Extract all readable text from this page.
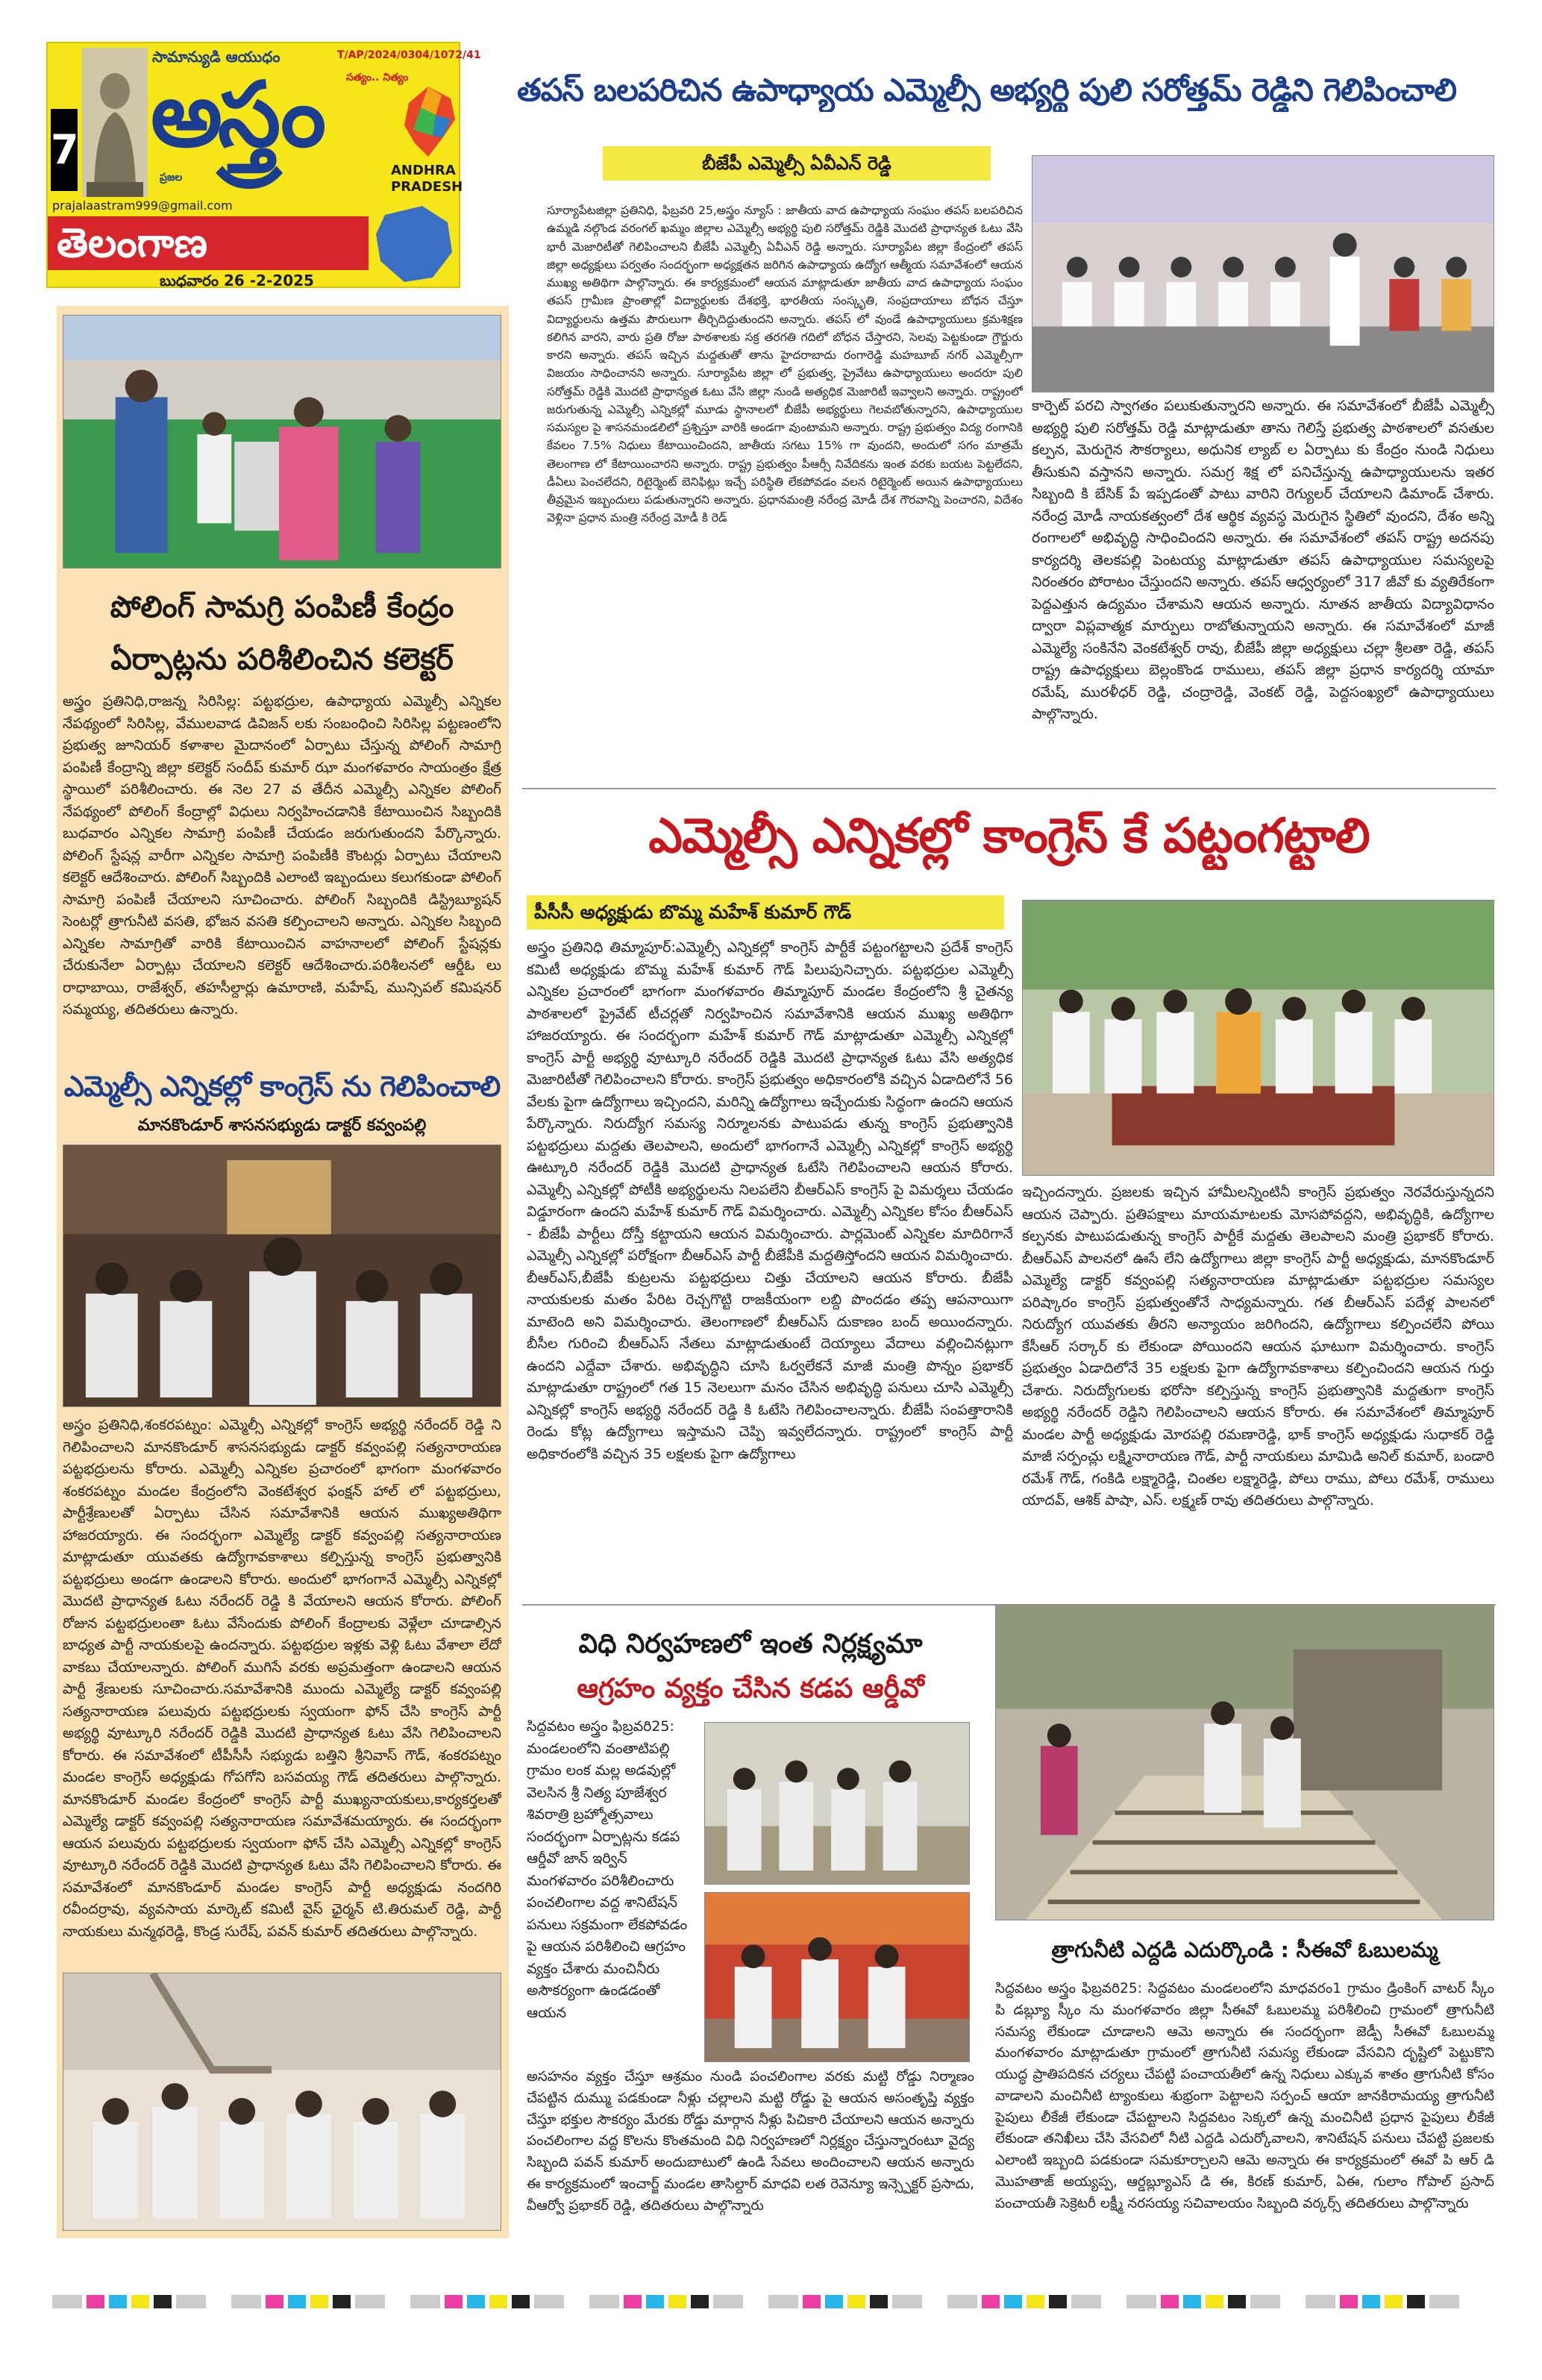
7
సామాన్యుడి ఆయుధం	T/AP/2024/0304/1072/41
అస్త్రం
ప్రజల
సత్యం.. నిత్యం
ANDHRA
PRADESH
prajalaastram999@gmail.com
తెలంగాణ
బుధవారం 26 -2-2025
తపస్ బలపరిచిన ఉపాధ్యాయ ఎమ్మెల్సీ అభ్యర్థి పులి సరోత్తమ్ రెడ్డిని గెలిపించాలి
బీజేపీ ఎమ్మెల్సీ ఏవీఎన్ రెడ్డి
సూర్యాపేటజిల్లా ప్రతినిధి, ఫిబ్రవరి 25,అస్త్రం న్యూస్ : జాతీయ వాద ఉపాధ్యాయ సంఘం తపస్ బలపరిచిన ఉమ్మడి నల్గొండ వరంగల్ ఖమ్మం జిల్లాల ఎమ్మెల్సీ అభ్యర్థి పులి సరోత్తమ్ రెడ్డికి మొదటి ప్రాధాన్యత ఓటు వేసి భారీ మెజారిటీతో గెలిపించాలని బీజేపీ ఎమ్మెల్సీ ఏవీఎన్ రెడ్డి అన్నారు. సూర్యాపేట జిల్లా కేంద్రంలో తపస్ జిల్లా అధ్యక్షులు పర్వతం సందర్భంగా అధ్యక్షతన జరిగిన ఉపాధ్యాయ ఉద్యోగ ఆత్మీయ సమావేశంలో ఆయన ముఖ్య అతిథిగా పాల్గొన్నారు. ఈ కార్యక్రమంలో ఆయన మాట్లాడుతూ జాతీయ వాద ఉపాధ్యాయ సంఘం తపస్ గ్రామీణ ప్రాంతాల్లో విద్యార్థులకు దేశభక్తి, భారతీయ సంస్కృతి, సంప్రదాయాలు బోధన చేస్తూ విద్యార్థులను ఉత్తమ పౌరులుగా తీర్చిదిద్దుతుందని అన్నారు. తపస్ లో వుండే ఉపాధ్యాయులు క్రమశిక్షణ కలిగిన వారని, వారు ప్రతి రోజు పాఠశాలకు సక్ర తరగతి గదిలో బోధన చేస్తారని, సెలవు పెట్టకుండా గ్రౌర్జురు కారని అన్నారు. తపస్ ఇచ్చిన మద్దతుతో తాను హైదరాబాదు రంగారెడ్డి మహబూబ్ నగర్ ఎమ్మెల్సీగా విజయం సాధించానని అన్నారు. సూర్యాపేట జిల్లా లో ప్రభుత్వ, ప్రైవేటు ఉపాధ్యాయులు అందరూ పులి సరోత్తమ్ రెడ్డికి మొదటి ప్రాధాన్యత ఓటు వేసి జిల్లా నుండి అత్యధిక మెజారిటీ ఇవ్వాలని అన్నారు. రాష్ట్రంలో జరుగుతున్న ఎమ్మెల్సీ ఎన్నికల్లో మూడు స్థానాలలో బీజేపీ అభ్యర్థులు గెలవబోతున్నారని, ఉపాధ్యాయుల సమస్యల పై శాసనమండలిలో ప్రశ్నిస్తూ వారికి అండగా వుంటామని అన్నారు. రాష్ట్ర ప్రభుత్వం విద్య రంగానికి కేవలం 7.5% నిధులు కేటాయించిందని, జాతీయ సగటు 15% గా వుందని, అందులో సగం మాత్రమే తెలంగాణ లో కేటాయించారని అన్నారు. రాష్ట్ర ప్రభుత్వం పీఆర్సీ నివేదికను ఇంత వరకు బయట పెట్టలేదని, డీఏలు పెంచలేదని, రిటైర్మెంట్ బెనిఫిట్లు ఇచ్చే పరిస్థితి లేకపోవడం వలన రిటైర్మెంట్ అయిన ఉపాధ్యాయులు తీవ్రమైన ఇబ్బందులు పడుతున్నారని అన్నారు. ప్రధానమంత్రి నరేంద్ర మోడీ దేశ గౌరవాన్ని పెంచారని, విదేశం వెళ్లినా ప్రధాన మంత్రి నరేంద్ర మోడీ కి రెడ్
కార్పెట్ పరచి స్వాగతం పలుకుతున్నారని అన్నారు. ఈ సమావేశంలో బీజేపీ ఎమ్మెల్సీ అభ్యర్థి పులి సరోత్తమ్ రెడ్డి మాట్లాడుతూ తాను గెలిస్తే ప్రభుత్వ పాఠశాలలో వసతుల కల్పన, మెరుగైన సౌకర్యాలు, అధునిక ల్యాబ్ ల ఏర్పాటు కు కేంద్రం నుండి నిధులు తీసుకుని వస్తానని అన్నారు. సమగ్ర శిక్ష లో పనిచేస్తున్న ఉపాధ్యాయులను ఇతర సిబ్బంది కి బేసిక్ పే ఇప్పడంతో పాటు వారిని రెగ్యులర్ చేయాలని డిమాండ్ చేశారు. నరేంద్ర మోడీ నాయకత్వంలో దేశ ఆర్థిక వ్యవస్థ మెరుగైన స్థితిలో వుందని, దేశం అన్ని రంగాలలో అభివృద్ధి సాధించిందని అన్నారు. ఈ సమావేశంలో తపస్ రాష్ట్ర అదనపు కార్యదర్శి తెలకపల్లి పెంటయ్య మాట్లాడుతూ తపస్ ఉపాధ్యాయుల సమస్యలపై నిరంతరం పోరాటం చేస్తుందని అన్నారు. తపస్ ఆధ్వర్యంలో 317 జీవో కు వ్యతిరేకంగా పెద్దఎత్తున ఉద్యమం చేశామని ఆయన అన్నారు. నూతన జాతీయ విద్యావిధానం ద్వారా విప్లవాత్మక మార్పులు రాబోతున్నాయని అన్నారు. ఈ సమావేశంలో మాజీ ఎమ్మెల్యే సంకినేని వెంకటేశ్వర్ రావు, బీజేపీ జిల్లా అధ్యక్షులు చల్లా శ్రీలతా రెడ్డి, తపస్ రాష్ట్ర ఉపాధ్యక్షులు బెల్లంకొండ రాములు, తపస్ జిల్లా ప్రధాన కార్యదర్శి యామా రమేష్, మురళీధర్ రెడ్డి, చంద్రారెడ్డి, వెంకట్ రెడ్డి, పెద్దసంఖ్యలో ఉపాధ్యాయులు పాల్గొన్నారు.
పోలింగ్ సామగ్రి పంపిణీ కేంద్రం
ఏర్పాట్లను పరిశీలించిన కలెక్టర్
అస్త్రం ప్రతినిధి,రాజన్న సిరిసిల్ల: పట్టభద్రుల, ఉపాధ్యాయ ఎమ్మెల్సీ ఎన్నికల నేపథ్యంలో సిరిసిల్ల, వేములవాడ డివిజన్ లకు సంబంధించి సిరిసిల్ల పట్టణంలోని ప్రభుత్వ జూనియర్ కళాశాల మైదానంలో ఏర్పాటు చేస్తున్న పోలింగ్ సామాగ్రి పంపిణీ కేంద్రాన్ని జిల్లా కలెక్టర్ సందీప్ కుమార్ ఝా మంగళవారం సాయంత్రం క్షేత్ర స్థాయిలో పరిశీలించారు. ఈ నెల 27 వ తేదీన ఎమ్మెల్సీ ఎన్నికల పోలింగ్ నేపథ్యంలో పోలింగ్ కేంద్రాల్లో విధులు నిర్వహించడానికి కేటాయించిన సిబ్బందికి బుధవారం ఎన్నికల సామాగ్రి పంపిణీ చేయడం జరుగుతుందని పేర్కొన్నారు. పోలింగ్ స్టేషన్ల వారీగా ఎన్నికల సామాగ్రి పంపిణీకి కౌంటర్లు ఏర్పాటు చేయాలని కలెక్టర్ ఆదేశించారు. పోలింగ్ సిబ్బందికి ఎలాంటి ఇబ్బందులు కలుగకుండా పోలింగ్ సామాగ్రి పంపిణీ చేయాలని సూచించారు. పోలింగ్ సిబ్బందికి డిస్ట్రిబ్యూషన్ సెంటర్లో త్రాగునీటి వసతి, భోజన వసతి కల్పించాలని అన్నారు. ఎన్నికల సిబ్బంది ఎన్నికల సామాగ్రితో వారికి కేటాయించిన వాహనాలలో పోలింగ్ స్టేషన్లకు చేరుకునేలా ఏర్పాట్లు చేయాలని కలెక్టర్ ఆదేశించారు.పరిశీలనలో ఆర్డీఓ లు రాధాబాయి, రాజేశ్వర్, తహసీల్దార్లు ఉమారాణి, మహేష్, మున్సిపల్ కమిషనర్ సమ్మయ్య, తదితరులు ఉన్నారు.
ఎమ్మెల్సీ ఎన్నికల్లో కాంగ్రెస్ ను గెలిపించాలి
మానకొండూర్ శాసనసభ్యుడు డాక్టర్ కవ్వంపల్లి
అస్త్రం ప్రతినిధి,శంకరపట్నం: ఎమ్మెల్సీ ఎన్నికల్లో కాంగ్రెస్ అభ్యర్థి నరేందర్ రెడ్డి ని గెలిపించాలని మానకొండూర్ శాసనసభ్యుడు డాక్టర్ కవ్వంపల్లి సత్యనారాయణ పట్టభద్రులను కోరారు. ఎమ్మెల్సీ ఎన్నికల ప్రచారంలో భాగంగా మంగళవారం శంకరపట్నం మండల కేంద్రంలోని వెంకటేశ్వర ఫంక్షన్ హాల్ లో పట్టభద్రులు, పార్టీశ్రేణులతో ఏర్పాటు చేసిన సమావేశానికి ఆయన ముఖ్యఅతిథిగా హాజరయ్యారు. ఈ సందర్భంగా ఎమ్మెల్యే డాక్టర్ కవ్వంపల్లి సత్యనారాయణ మాట్లాడుతూ యువతకు ఉద్యోగావకాశాలు కల్పిస్తున్న కాంగ్రెస్ ప్రభుత్వానికి పట్టభద్రులు అండగా ఉండాలని కోరారు. అందులో భాగంగానే ఎమ్మెల్సీ ఎన్నికల్లో మొదటి ప్రాధాన్యత ఓటు నరేందర్ రెడ్డి కి వేయాలని ఆయన కోరారు. పోలింగ్ రోజున పట్టభద్రులంతా ఓటు వేసేందుకు పోలింగ్ కేంద్రాలకు వెళ్లేలా చూడాల్సిన బాధ్యత పార్టీ నాయకులపై ఉందన్నారు. పట్టభద్రుల ఇళ్లకు వెళ్లి ఓటు వేశాలా లేదో వాకబు చేయాలన్నారు. పోలింగ్ ముగిసే వరకు అప్రమత్తంగా ఉండాలని ఆయన పార్టీ శ్రేణులకు సూచించారు.సమావేశానికి ముందు ఎమ్మెల్యే డాక్టర్ కవ్వంపల్లి సత్యనారాయణ పలువురు పట్టభద్రులకు స్వయంగా ఫోన్ చేసి కాంగ్రెస్ పార్టీ అభ్యర్థి వూట్కూరి నరేందర్ రెడ్డికి మొదటి ప్రాధాన్యత ఓటు వేసి గెలిపించాలని కోరారు. ఈ సమావేశంలో టీపీసీసీ సభ్యుడు బత్తిని శ్రీనివాస్ గౌడ్, శంకరపట్నం మండల కాంగ్రెస్ అధ్యక్షుడు గోపగోని బసవయ్య గౌడ్ తదితరులు పాల్గొన్నారు. మానకొండూర్ మండల కేంద్రంలో కాంగ్రెస్ పార్టీ ముఖ్యనాయకులు,కార్యకర్తలతో ఎమ్మెల్యే డాక్టర్ కవ్వంపల్లి సత్యనారాయణ సమావేశమయ్యారు. ఈ సందర్భంగా ఆయన పలువురు పట్టభద్రులకు స్వయంగా ఫోన్ చేసి ఎమ్మెల్సీ ఎన్నికల్లో కాంగ్రెస్ వూట్కూరి నరేందర్ రెడ్డికి మొదటి ప్రాధాన్యత ఓటు వేసి గెలిపించాలని కోరారు. ఈ సమావేశంలో మానకొండూర్ మండల కాంగ్రెస్ పార్టీ అధ్యక్షుడు నందగిరి రవీందర్రావు, వ్యవసాయ మార్కెట్ కమిటీ వైస్ ఛైర్మన్ టి.తిరుమల్ రెడ్డి, పార్టీ నాయకులు మన్మథరెడ్డి, కొండ్ర సురేష్, పవన్ కుమార్ తదితరులు పాల్గొన్నారు.
ఎమ్మెల్సీ ఎన్నికల్లో కాంగ్రెస్ కే పట్టంగట్టాలి
పీసీసీ అధ్యక్షుడు బొమ్మ మహేశ్ కుమార్ గౌడ్
అస్త్రం ప్రతినిధి తిమ్మాపూర్:ఎమ్మెల్సీ ఎన్నికల్లో కాంగ్రెస్ పార్టీకే పట్టంగట్టాలని ప్రదేశ్ కాంగ్రెస్ కమిటీ అధ్యక్షుడు బొమ్మ మహేశ్ కుమార్ గౌడ్ పిలుపునిచ్చారు. పట్టభద్రుల ఎమ్మెల్సీ ఎన్నికల ప్రచారంలో భాగంగా మంగళవారం తిమ్మాపూర్ మండల కేంద్రంలోని శ్రీ చైతన్య పాఠశాలలో ప్రైవేట్ టీచర్లతో నిర్వహించిన సమావేశానికి ఆయన ముఖ్య అతిథిగా హాజరయ్యారు. ఈ సందర్భంగా మహేశ్ కుమార్ గౌడ్ మాట్లాడుతూ ఎమ్మెల్సీ ఎన్నికల్లో కాంగ్రెస్ పార్టీ అభ్యర్థి వూట్కూరి నరేందర్ రెడ్డికి మొదటి ప్రాధాన్యత ఓటు వేసి అత్యధిక మెజారిటీతో గెలిపించాలని కోరారు. కాంగ్రెస్ ప్రభుత్వం అధికారంలోకి వచ్చిన ఏడాదిలోనే 56 వేలకు పైగా ఉద్యోగాలు ఇచ్చిందని, మరిన్ని ఉద్యోగాలు ఇచ్చేందుకు సిద్ధంగా ఉందని ఆయన పేర్కొన్నారు. నిరుద్యోగ సమస్య నిర్మూలనకు పాటుపడు తున్న కాంగ్రెస్ ప్రభుత్వానికి పట్టభద్రులు మద్దతు తెలపాలని, అందులో భాగంగానే ఎమ్మెల్సీ ఎన్నికల్లో కాంగ్రెస్ అభ్యర్థి ఊట్కూరి నరేందర్ రెడ్డికి మొదటి ప్రాధాన్యత ఓటేసి గెలిపించాలని ఆయన కోరారు. ఎమ్మెల్సీ ఎన్నికల్లో పోటీకి అభ్యర్థులను నిలపలేని బీఆర్ఎస్ కాంగ్రెస్ పై విమర్శలు చేయడం విడ్డూరంగా ఉందని మహేశ్ కుమార్ గౌడ్ విమర్శించారు. ఎమ్మెల్సీ ఎన్నికల కోసం బీఆర్ఎస్ - బీజేపీ పార్టీలు దోస్తీ కట్టాయని ఆయన విమర్శించారు. పార్లమెంట్ ఎన్నికల మాదిరిగానే ఎమ్మెల్సీ ఎన్నికల్లో పరోక్షంగా బీఆర్ఎస్ పార్టీ బీజేపీకి మద్దతిస్తోందని ఆయన విమర్శించారు. బీఆర్ఎస్,బీజేపీ కుట్రలను పట్టభద్రులు చిత్తు చేయాలని ఆయన కోరారు. బీజేపీ నాయకులకు మతం పేరిట రెచ్చగొట్టి రాజకీయంగా లబ్ది పొందడం తప్ప ఆపనాయిగా మాటెంది అని విమర్శించారు. తెలంగాణలో బీఆర్ఎస్ దుకాణం బంద్ అయిందన్నారు. బీసీల గురించి బీఆర్ఎస్ నేతలు మాట్లాడుతుంటే దెయ్యాలు వేదాలు వల్లించినట్లుగా ఉందని ఎద్దేవా చేశారు. అభివృద్ధిని చూసి ఓర్వలేకనే మాజీ మంత్రి పొన్నం ప్రభాకర్ మాట్లాడుతూ రాష్ట్రంలో గత 15 నెలలుగా మనం చేసిన అభివృద్ధి పనులు చూసి ఎమ్మెల్సీ ఎన్నికల్లో కాంగ్రెస్ అభ్యర్థి నరేందర్ రెడ్డి కి ఓటేసి గెలిపించాలన్నారు. బీజేపీ సంపత్తారానికి రెండు కోట్ల ఉద్యోగాలు ఇస్తామని చెప్పి ఇవ్వలేదన్నారు. రాష్ట్రంలో కాంగ్రెస్ పార్టీ అధికారంలోకి వచ్చిన 35 లక్షలకు పైగా ఉద్యోగాలు
ఇచ్చిందన్నారు. ప్రజలకు ఇచ్చిన హామీలన్నింటినీ కాంగ్రెస్ ప్రభుత్వం నెరవేరుస్తున్నదని ఆయన చెప్పారు. ప్రతిపక్షాలు మాయమాటలకు మోసపోవద్దని, అభివృద్ధికి, ఉద్యోగాల కల్పనకు పాటుపడుతున్న కాంగ్రెస్ పార్టీకే మద్దతు తెలపాలని మంత్రి ప్రభాకర్ కోరారు. బీఆర్ఎస్ పాలనలో ఊసే లేని ఉద్యోగాలు జిల్లా కాంగ్రెస్ పార్టీ అధ్యక్షుడు, మానకొండూర్ ఎమ్మెల్యే డాక్టర్ కవ్వంపల్లి సత్యనారాయణ మాట్లాడుతూ పట్టభద్రుల సమస్యల పరిష్కారం కాంగ్రెస్ ప్రభుత్వంతోనే సాధ్యమన్నారు. గత బీఆర్ఎస్ పదేళ్ల పాలనలో నిరుద్యోగ యువతకు తీరని అన్యాయం జరిగిందని, ఉద్యోగాలు కల్పించలేని పోయి కేసీఆర్ సర్కార్ కు లేకుండా పోయిందని ఆయన ఘాటుగా విమర్శించారు. కాంగ్రెస్ ప్రభుత్వం ఏడాదిలోనే 35 లక్షలకు పైగా ఉద్యోగావకాశాలు కల్పించిందని ఆయన గుర్తు చేశారు. నిరుద్యోగులకు భరోసా కల్పిస్తున్న కాంగ్రెస్ ప్రభుత్వానికి మద్దతుగా కాంగ్రెస్ అభ్యర్థి నరేందర్ రెడ్డిని గెలిపించాలని ఆయన కోరారు. ఈ సమావేశంలో తిమ్మాపూర్ మండల పార్టీ అధ్యక్షుడు మోరపల్లి రమణారెడ్డి, భాక్ కాంగ్రెస్ అధ్యక్షుడు సుధాకర్ రెడ్డి మాజీ సర్పంచ్లు లక్ష్మినారాయణ గౌడ్, పార్టీ నాయకులు మామిడి అనిల్ కుమార్, బండారి రమేశ్ గౌడ్, గంకిడి లక్ష్మారెడ్డి, చింతల లక్ష్మారెడ్డి, పోలు రాము, పోలు రమేశ్, రాములు యాదవ్, ఆశిక్ పాషా, ఎస్. లక్ష్మణ్ రావు తదితరులు పాల్గొన్నారు.
విధి నిర్వహణలో ఇంత నిర్లక్ష్యమా
ఆగ్రహం వ్యక్తం చేసిన కడప ఆర్డీవో
సిద్దవటం అస్త్రం ఫిబ్రవరి25: మండలంలోని వంతాటిపల్లి గ్రామం లంక మల్ల అడవుల్లో వెలసిన శ్రీ నిత్య పూజేశ్వర శివరాత్రి బ్రహ్మోత్సవాలు సందర్భంగా ఏర్పాట్లను కడప ఆర్డీవో జాన్ ఇర్విన్ మంగళవారం పరిశీలించారు పంచలింగాల వద్ద శానిటేషన్ పనులు సక్రమంగా లేకపోవడం పై ఆయన పరిశీలించి ఆగ్రహం వ్యక్తం చేశారు మంచినీరు అసౌకర్యంగా ఉండడంతో ఆయన
అసహనం వ్యక్తం చేస్తూ ఆశ్రమం నుండి పంచలింగాల వరకు మట్టి రోడ్డు నిర్మాణం చేపట్టిన దుమ్ము పడకుండా నీళ్లు చల్లాలని మట్టి రోడ్డు పై ఆయన అసంతృప్తి వ్యక్తం చేస్తూ భక్తుల సౌకర్యం మేరకు రోడ్డు మార్గాన నీళ్లు పిచికారి చేయాలని ఆయన అన్నారు పంచలింగాల వద్ద కొలను కొంతమంది విధి నిర్వహణలో నిర్లక్ష్యం చేస్తున్నారంటూ వైద్య సిబ్బంది పవన్ కుమార్ అందుబాటులో ఉండి సేవలు అందించాలని ఆయన అన్నారు ఈ కార్యక్రమంలో ఇంచార్జ్ మండల తాసిల్దార్ మాధవి లత రెవెన్యూ ఇన్స్పెక్టర్ ప్రసాదు, వీఆర్వో ప్రభాకర్ రెడ్డి, తదితరులు పాల్గొన్నారు
త్రాగునీటి ఎద్దడి ఎదుర్కొండి : సీఈవో ఓబులమ్మ
సిద్దవటం అస్త్రం ఫిబ్రవరి25: సిద్దవటం మండలంలోని మాధవరం1 గ్రామం డ్రింకింగ్ వాటర్ స్కీం పి డబ్ల్యూ స్కీం ను మంగళవారం జిల్లా సీఈవో ఓబులమ్మ పరిశీలించి గ్రామంలో త్రాగునీటి సమస్య లేకుండా చూడాలని ఆమె అన్నారు ఈ సందర్భంగా జెడ్పీ సీఈవో ఓబులమ్మ మంగళవారం మాట్లాడుతూ గ్రామంలో త్రాగునీటి సమస్య లేకుండా వేసవిని దృష్టిలో పెట్టుకొని యుద్ధ ప్రాతిపదికన చర్యలు చేపట్టి పంచాయతీలో ఉన్న నిధులు ఎక్కువ శాతం త్రాగునీటి కోసం వాడాలని మంచినీటి ట్యాంకులు శుభ్రంగా పెట్టాలని సర్పంచ్ ఆయా జానకిరామయ్య త్రాగునీటి పైపులు లీకేజీ లేకుండా చేపట్టాలని సిద్దవటం సెక్కలో ఉన్న మంచినీటి ప్రధాన పైపులు లీకేజీ లేకుండా తనిఖీలు చేసి వేసవిలో నీటి ఎద్దడి ఎదుర్కోవాలని, శానిటేషన్ పనులు చేపట్టి ప్రజలకు ఎలాంటి ఇబ్బంది పడకుండా సమకూర్చాలని ఆమె అన్నారు ఈ కార్యక్రమంలో ఈవో పి ఆర్ డి మొహతాజ్ అయ్యప్ప, ఆర్డబ్ల్యూఎస్ డి ఈ, కిరణ్ కుమార్, ఏఈ, గులాం గోపాల్ ప్రసాద్ పంచాయతీ సెక్రెటరీ లక్ష్మీ నరసయ్య సచివాలయం సిబ్బంది వర్కర్స్ తదితరులు పాల్గొన్నారు
